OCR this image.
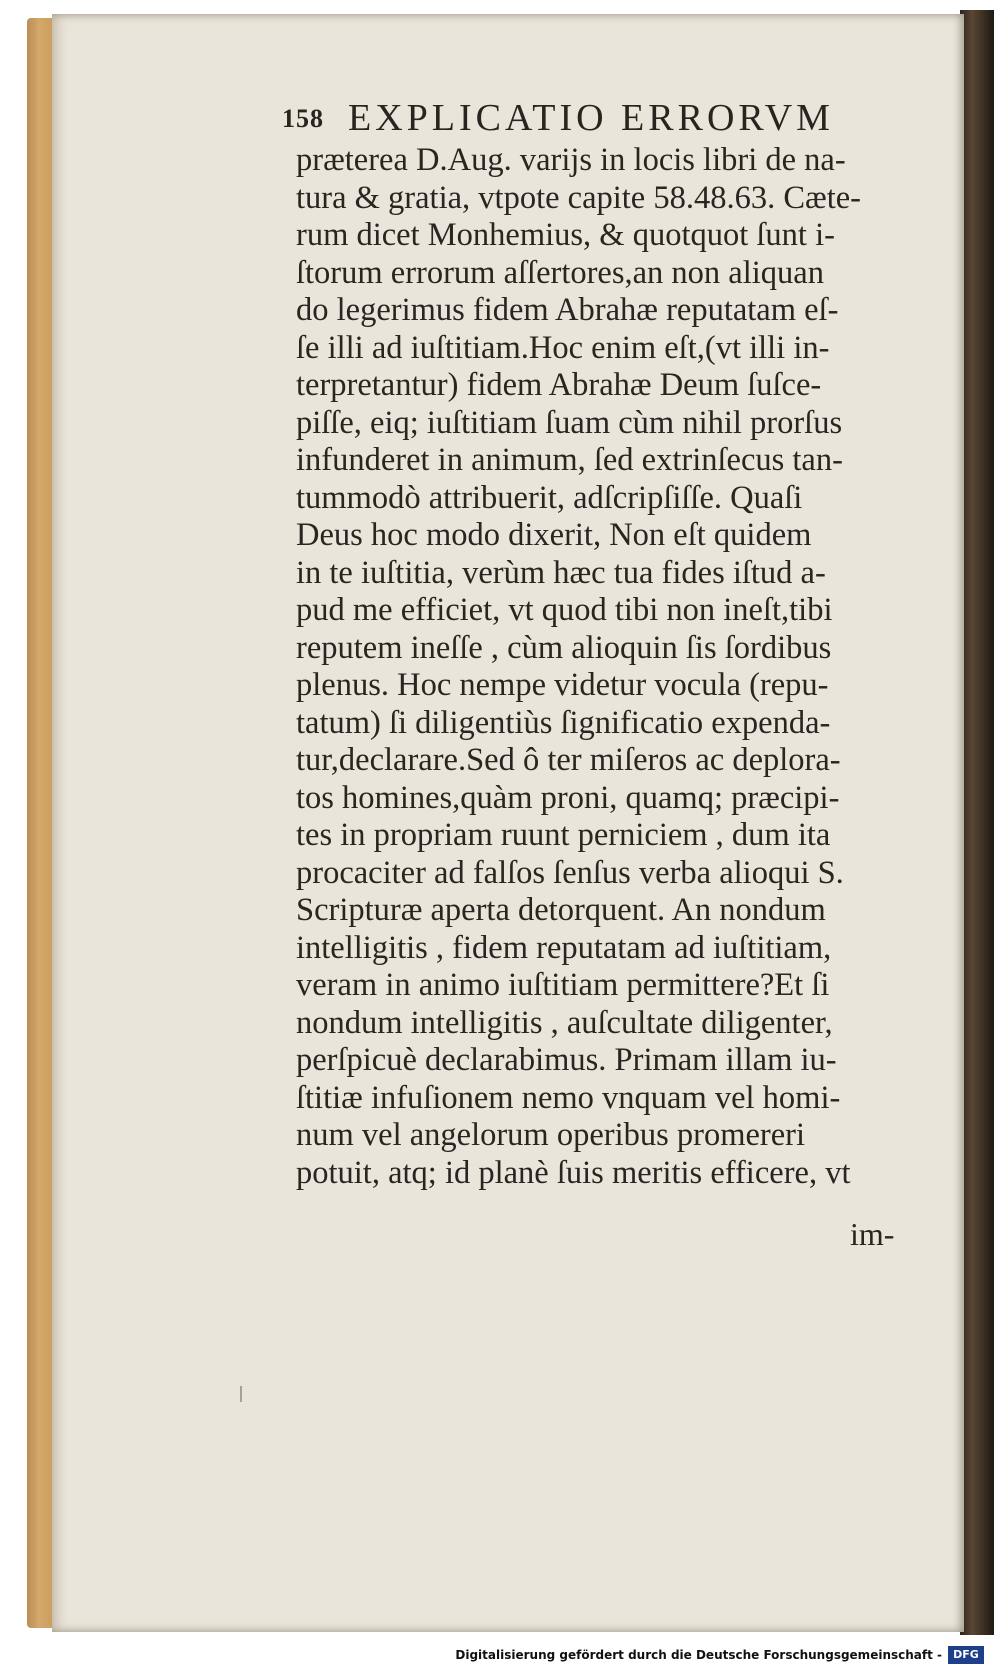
158 EXPLICATIO ERRORVM
præterea D.Aug. varijs in locis libri de na-
tura & gratia, vtpote capite 58.48.63. Cæte-
rum dicet Monhemius, & quotquot ſunt i-
ſtorum errorum aſſertores,an non aliquan
do legerimus fidem Abrahæ reputatam eſ-
ſe illi ad iuſtitiam.Hoc enim eſt,(vt illi in-
terpretantur) fidem Abrahæ Deum ſuſce-
piſſe, eiq; iuſtitiam ſuam cùm nihil prorſus
infunderet in animum, ſed extrinſecus tan-
tummodò attribuerit, adſcripſiſſe. Quaſi
Deus hoc modo dixerit, Non eſt quidem
in te iuſtitia, verùm hæc tua fides iſtud a-
pud me efficiet, vt quod tibi non ineſt,tibi
reputem ineſſe , cùm alioquin ſis ſordibus
plenus. Hoc nempe videtur vocula (repu-
tatum) ſi diligentiùs ſignificatio expenda-
tur,declarare.Sed ô ter miſeros ac deplora-
tos homines,quàm proni, quamq; præcipi-
tes in propriam ruunt perniciem , dum ita
procaciter ad falſos ſenſus verba alioqui S.
Scripturæ aperta detorquent. An nondum
intelligitis , fidem reputatam ad iuſtitiam,
veram in animo iuſtitiam permittere?Et ſi
nondum intelligitis , auſcultate diligenter,
perſpicuè declarabimus. Primam illam iu-
ſtitiæ infuſionem nemo vnquam vel homi-
num vel angelorum operibus promereri
potuit, atq; id planè ſuis meritis efficere, vt
im-
Digitalisierung gefördert durch die Deutsche Forschungsgemeinschaft -	DFG
